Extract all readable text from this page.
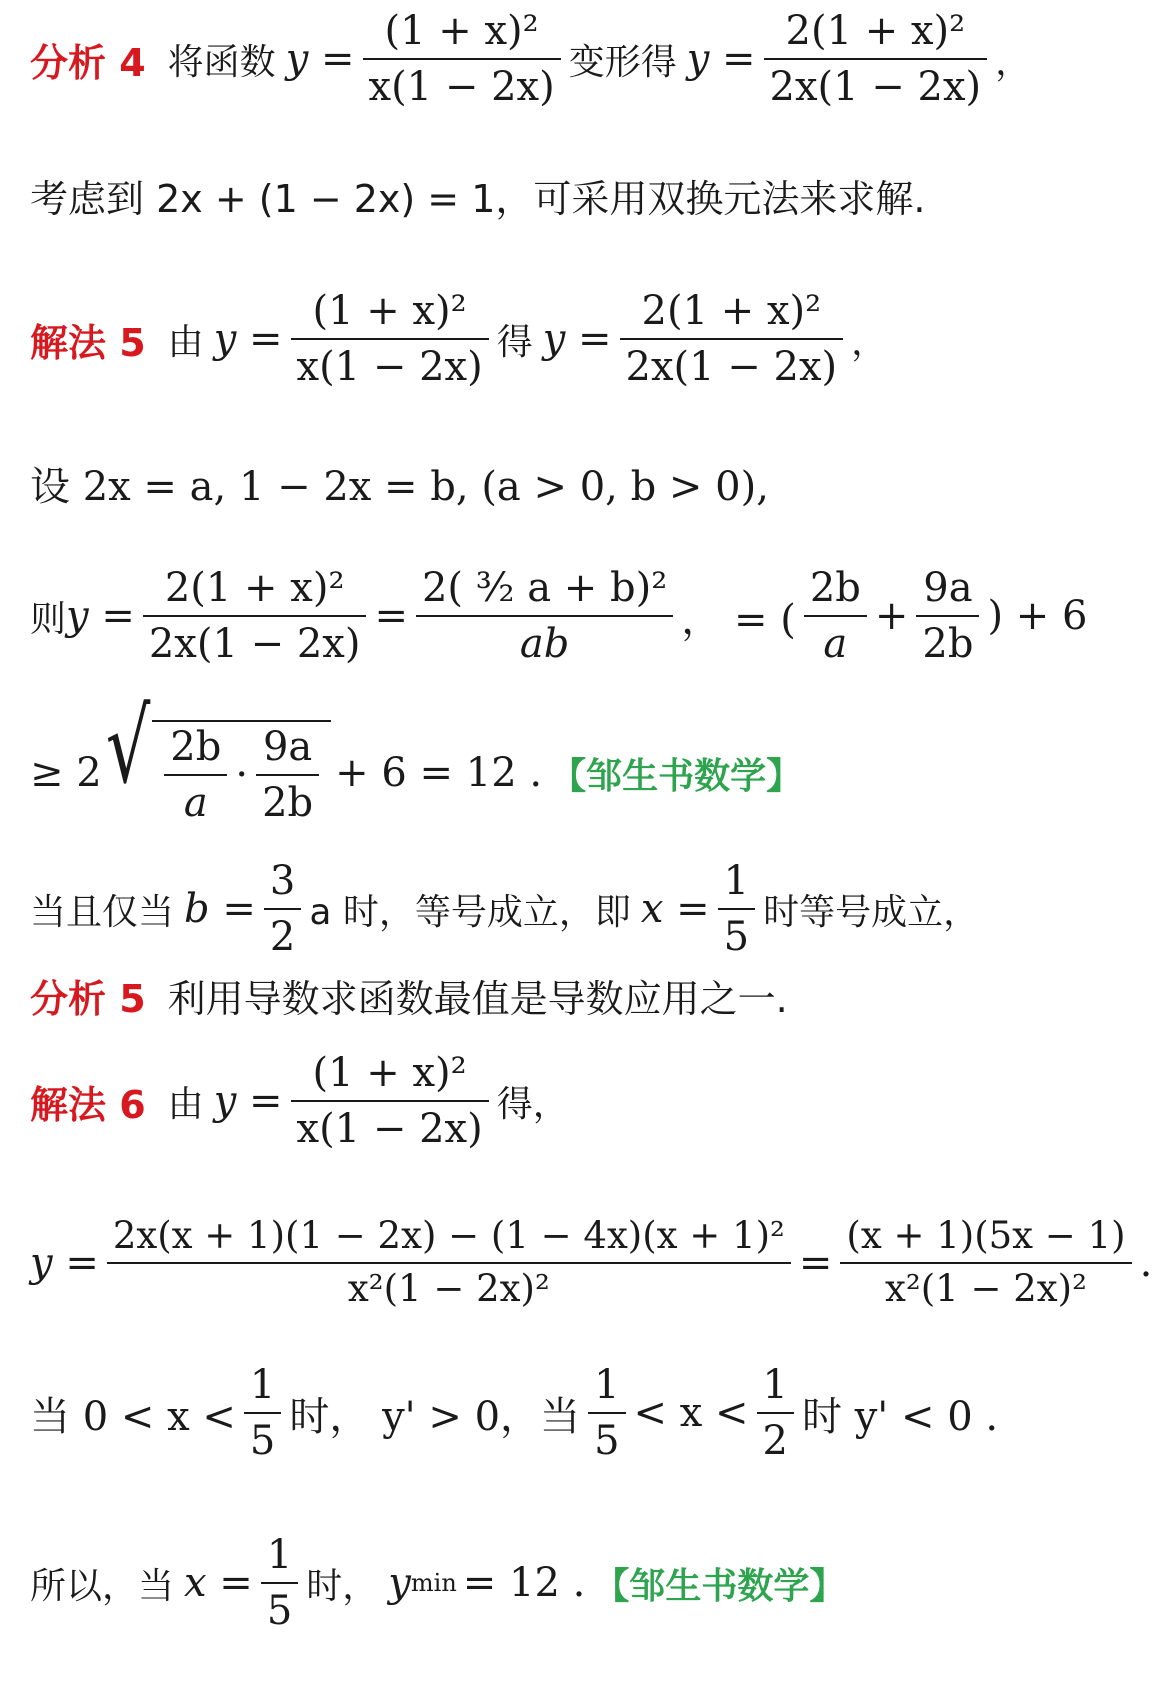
分析 4 将函数 $y = \frac{\text{(1 + x)²}}{x(1 - 2x)}$ 变形得 $y = \frac{\text{2(1 + x)²}}{2x(1 - 2x)}$ ，
考虑到 2x + (1 − 2x) = 1，可采用双换元法来求解.
解法 5 由 $y = \frac{\text{(1 + x)²}}{x(1 - 2x)}$ 得 $y = \frac{\text{2(1 + x)²}}{2x(1 - 2x)}$ ，
设 2x = a, 1 − 2x = b, (a > 0, b > 0),
则 $y = \frac{\text{2(1 + x)²}}{2x(1 - 2x)} = \frac{\text{2( ³⁄₂ a + b)²}}{ab}$ ， = ( $\frac{2b}{a} + \frac{9a}{2b}$ ) + 6
≥ 2 √ $\frac{2b}{a} \cdot \frac{9a}{2b} + 6 = 12$ . 【邹生书数学】
当且仅当 $b = \frac{3}{2}$ a 时，等号成立，即 $x = \frac{1}{5}$ 时等号成立，
分析 5 利用导数求函数最值是导数应用之一.
解法 6 由 $y = \frac{\text{(1 + x)²}}{x(1 - 2x)}$ 得，
$y = \frac{\text{2x(x + 1)(1 − 2x) − (1 − 4x)(x + 1)²}}{\text{x²(1 − 2x)²}} = \frac{(x + 1)(5x - 1)}{\text{x²(1 − 2x)²}}$ .
当 $0 < x < \frac{1}{5}$ 时， y' > 0，当 $\frac{1}{5} < x < \frac{1}{2}$ 时 y' < 0 .
所以，当 $x = \frac{1}{5}$ 时， y min = 12 . 【邹生书数学】
